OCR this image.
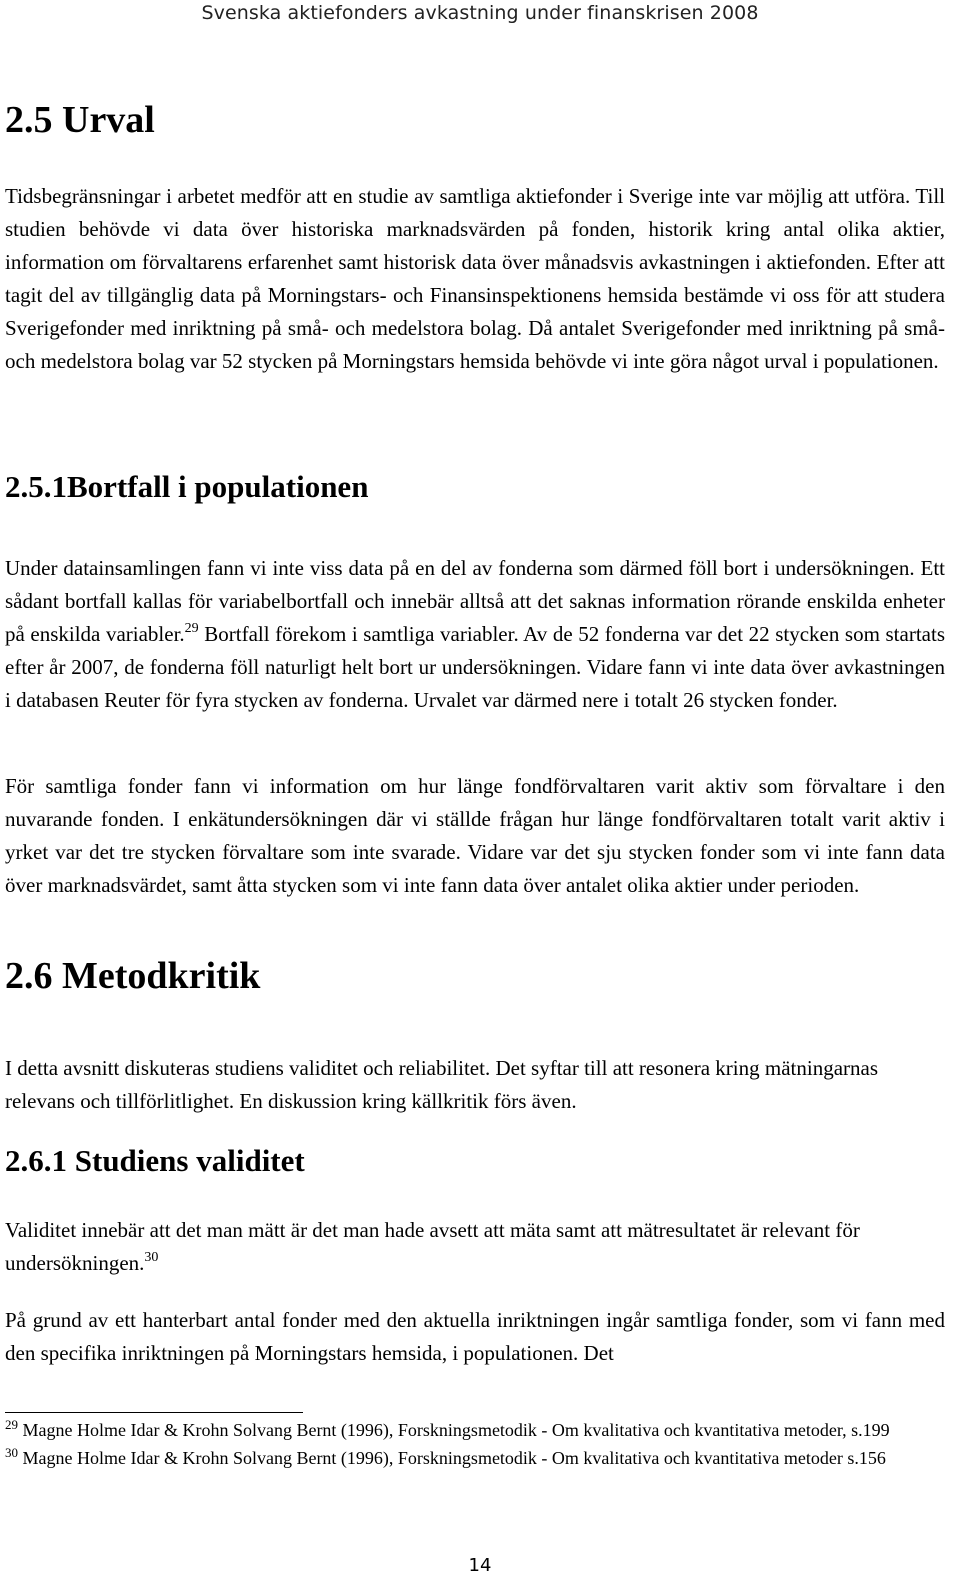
Svenska aktiefonders avkastning under finanskrisen 2008
2.5 Urval

Tidsbegränsningar i arbetet medför att en studie av samtliga aktiefonder i Sverige inte var möjlig att utföra. Till studien behövde vi data över historiska marknadsvärden på fonden, historik kring antal olika aktier, information om förvaltarens erfarenhet samt historisk data över månadsvis avkastningen i aktiefonden. Efter att tagit del av tillgänglig data på Morningstars- och Finansinspektionens hemsida bestämde vi oss för att studera Sverigefonder med inriktning på små- och medelstora bolag. Då antalet Sverigefonder med inriktning på små- och medelstora bolag var 52 stycken på Morningstars hemsida behövde vi inte göra något urval i populationen.

2.5.1Bortfall i populationen

Under datainsamlingen fann vi inte viss data på en del av fonderna som därmed föll bort i undersökningen. Ett sådant bortfall kallas för variabelbortfall och innebär alltså att det saknas information rörande enskilda enheter på enskilda variabler.$^{29}$ Bortfall förekom i samtliga variabler. Av de 52 fonderna var det 22 stycken som startats efter år 2007, de fonderna föll naturligt helt bort ur undersökningen. Vidare fann vi inte data över avkastningen i databasen Reuter för fyra stycken av fonderna. Urvalet var därmed nere i totalt 26 stycken fonder.

För samtliga fonder fann vi information om hur länge fondförvaltaren varit aktiv som förvaltare i den nuvarande fonden. I enkätundersökningen där vi ställde frågan hur länge fondförvaltaren totalt varit aktiv i yrket var det tre stycken förvaltare som inte svarade. Vidare var det sju stycken fonder som vi inte fann data över marknadsvärdet, samt åtta stycken som vi inte fann data över antalet olika aktier under perioden.

2.6 Metodkritik

I detta avsnitt diskuteras studiens validitet och reliabilitet. Det syftar till att resonera kring mätningarnas relevans och tillförlitlighet. En diskussion kring källkritik förs även.

2.6.1 Studiens validitet

Validitet innebär att det man mätt är det man hade avsett att mäta samt att mätresultatet är relevant för undersökningen.$^{30}$

På grund av ett hanterbart antal fonder med den aktuella inriktningen ingår samtliga fonder, som vi fann med den specifika inriktningen på Morningstars hemsida, i populationen. Det

$^{29}$ Magne Holme Idar & Krohn Solvang Bernt (1996), Forskningsmetodik - Om kvalitativa och kvantitativa metoder, s.199
$^{30}$ Magne Holme Idar & Krohn Solvang Bernt (1996), Forskningsmetodik - Om kvalitativa och kvantitativa metoder s.156
14
